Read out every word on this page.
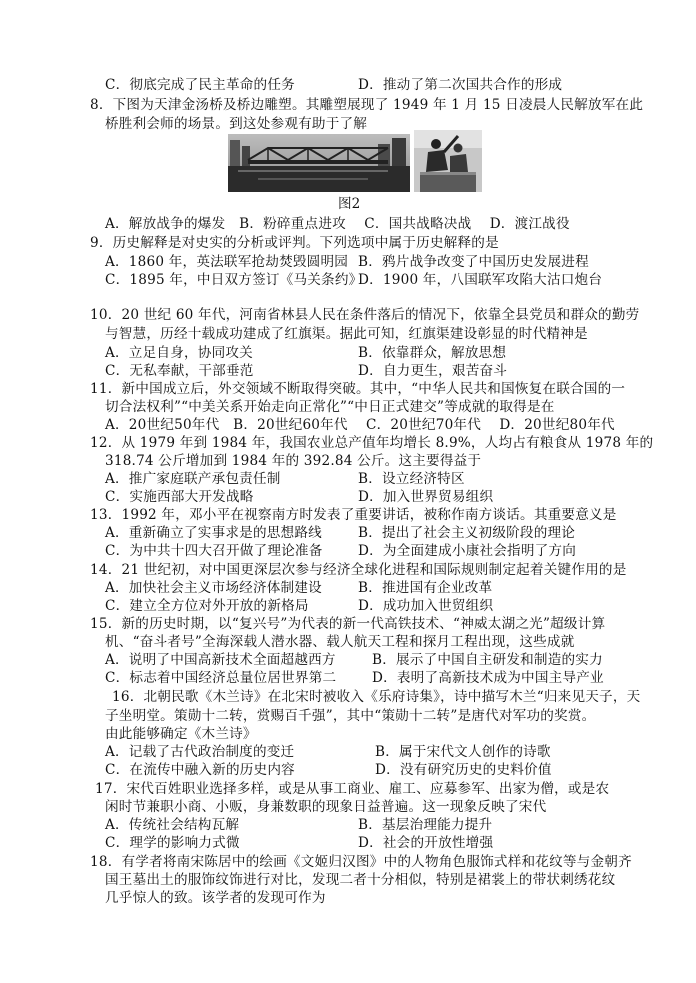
C．彻底完成了民主革命的任务	D．推动了第二次国共合作的形成
8．下图为天津金汤桥及桥边雕塑。其雕塑展现了 1949 年 1 月 15 日凌晨人民解放军在此
桥胜利会师的场景。到这处参观有助于了解
图2
A．解放战争的爆发　B．粉碎重点进攻　 C．国共战略决战　 D．渡江战役
9．历史解释是对史实的分析或评判。下列选项中属于历史解释的是
A．1860 年，英法联军抢劫焚毁圆明园 B．鸦片战争改变了中国历史发展进程
C．1895 年，中日双方签订《马关条约》
D．1900 年，八国联军攻陷大沽口炮台
10．20 世纪 60 年代，河南省林县人民在条件落后的情况下，依靠全县党员和群众的勤劳
与智慧，历经十载成功建成了红旗渠。据此可知，红旗渠建设彰显的时代精神是
A．立足自身，协同攻关	B．依靠群众，解放思想
C．无私奉献，干部垂范	D．自力更生，艰苦奋斗
11．新中国成立后，外交领域不断取得突破。其中，“中华人民共和国恢复在联合国的一
切合法权利”“中美关系开始走向正常化”“中日正式建交”等成就的取得是在
A．20世纪50年代　B．20世纪60年代　 C．20世纪70年代　 D．20世纪80年代
12．从 1979 年到 1984 年，我国农业总产值年均增长 8.9%，人均占有粮食从 1978 年的
318.74 公斤增加到 1984 年的 392.84 公斤。这主要得益于
A．推广家庭联产承包责任制	B．设立经济特区
C．实施西部大开发战略	D．加入世界贸易组织
13．1992 年，邓小平在视察南方时发表了重要讲话，被称作南方谈话。其重要意义是
A．重新确立了实事求是的思想路线	B．提出了社会主义初级阶段的理论
C．为中共十四大召开做了理论准备	D．为全面建成小康社会指明了方向
14．21 世纪初，对中国更深层次参与经济全球化进程和国际规则制定起着关键作用的是
A．加快社会主义市场经济体制建设	B．推进国有企业改革
C．建立全方位对外开放的新格局	D．成功加入世贸组织
15．新的历史时期，以“复兴号”为代表的新一代高铁技术、“神威太湖之光”超级计算
机、“奋斗者号”全海深载人潜水器、载人航天工程和探月工程出现，这些成就
A．说明了中国高新技术全面超越西方	B．展示了中国自主研发和制造的实力
C．标志着中国经济总量位居世界第二	D．表明了高新技术成为中国主导产业
16．北朝民歌《木兰诗》在北宋时被收入《乐府诗集》，诗中描写木兰“归来见天子，天
子坐明堂。策勋十二转，赏赐百千强”，其中“策勋十二转”是唐代对军功的奖赏。
由此能够确定《木兰诗》
A．记载了古代政治制度的变迁	B．属于宋代文人创作的诗歌
C．在流传中融入新的历史内容	D．没有研究历史的史料价值
17．宋代百姓职业选择多样，或是从事工商业、雇工、应募参军、出家为僧，或是农
闲时节兼职小商、小贩，身兼数职的现象日益普遍。这一现象反映了宋代
A．传统社会结构瓦解	B．基层治理能力提升
C．理学的影响力式微	D．社会的开放性增强
18．有学者将南宋陈居中的绘画《文姬归汉图》中的人物角色服饰式样和花纹等与金朝齐
国王墓出土的服饰纹饰进行对比，发现二者十分相似，特别是裙裳上的带状刺绣花纹
几乎惊人的致。该学者的发现可作为
